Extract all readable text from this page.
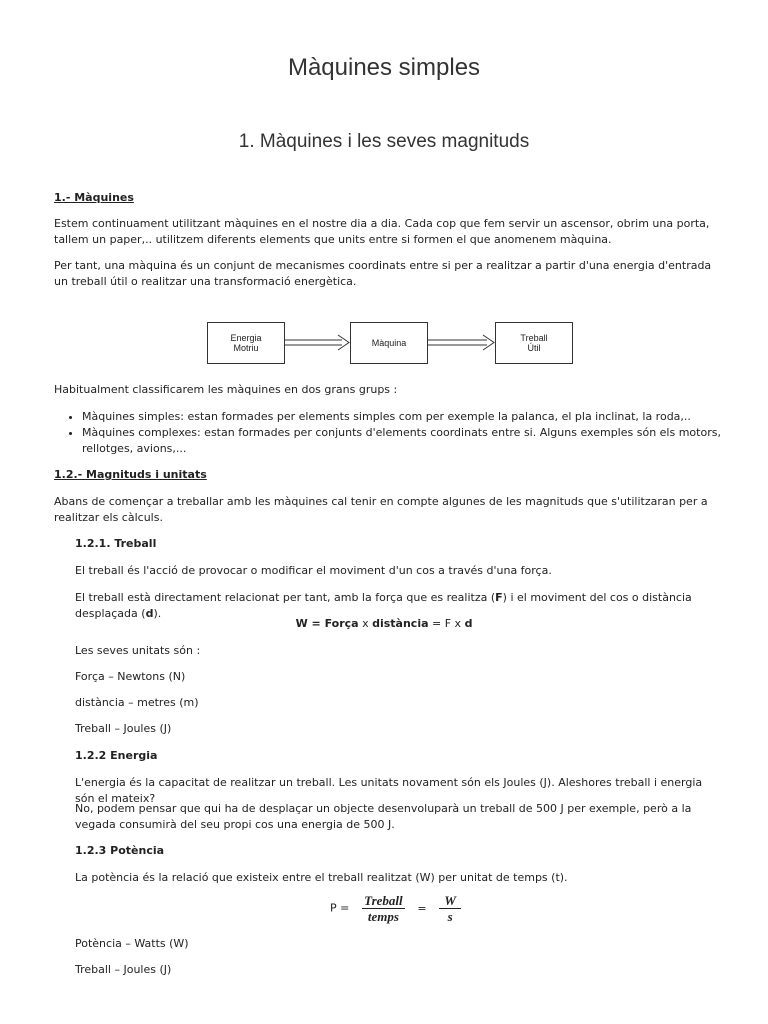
Màquines simples
1. Màquines i les seves magnituds
1.- Màquines

Estem continuament utilitzant màquines en el nostre dia a dia. Cada cop que fem servir un ascensor, obrim una porta, tallem un paper,.. utilitzem diferents elements que units entre si formen el que anomenem màquina.

Per tant, una màquina és un conjunt de mecanismes coordinats entre si per a realitzar a partir d'una energia d'entrada un treball útil o realitzar una transformació energètica.

Energia
Motriu	Màquina	Treball
Útil

Habitualment classificarem les màquines en dos grans grups :

• Màquines simples: estan formades per elements simples com per exemple la palanca, el pla inclinat, la roda,..
• Màquines complexes: estan formades per conjunts d'elements coordinats entre si. Alguns exemples són els motors, rellotges, avions,...
1.2.- Magnituds i unitats

Abans de començar a treballar amb les màquines cal tenir en compte algunes de les magnituds que s'utilitzaran per a realitzar els càlculs.

1.2.1. Treball

El treball és l'acció de provocar o modificar el moviment d'un cos a través d'una força.

El treball està directament relacionat per tant, amb la força que es realitza (F) i el moviment del cos o distància desplaçada (d).

W = Força x distància = F x d

Les seves unitats són :

Força – Newtons (N)

distància – metres (m)

Treball – Joules (J)

1.2.2 Energia

L'energia és la capacitat de realitzar un treball. Les unitats novament són els Joules (J). Aleshores treball i energia són el mateix?

No, podem pensar que qui ha de desplaçar un objecte desenvoluparà un treball de 500 J per exemple, però a la vegada consumirà del seu propi cos una energia de 500 J.

1.2.3 Potència

La potència és la relació que existeix entre el treball realitzat (W) per unitat de temps (t).

$P = \frac{\text{Treball}}{\text{temps}} = \frac{W}{s}$

Potència – Watts (W)

Treball – Joules (J)
